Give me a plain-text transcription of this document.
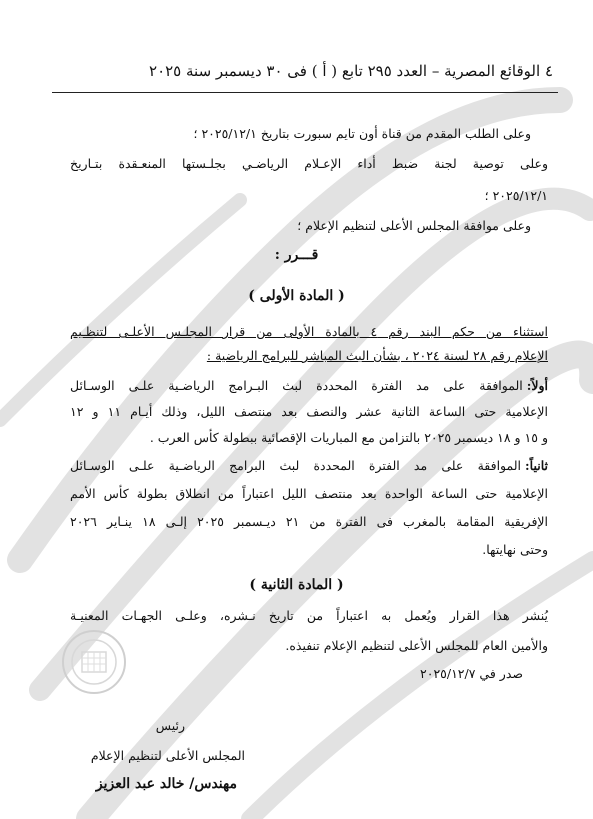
٤ الوقائع المصرية – العدد ٢٩٥ تابع ( أ ) فى ٣٠ ديسمبر سنة ٢٠٢٥
وعلى الطلب المقدم من قناة أون تايم سبورت بتاريخ ٢٠٢٥/١٢/١ ؛
وعلى توصية لجنة ضبط أداء الإعـلام الرياضـي بجلـستها المنعـقدة بتـاريخ
٢٠٢٥/١٢/١ ؛
وعلى موافقة المجلس الأعلى لتنظيم الإعلام ؛
قـــرر :
( المادة الأولى )
استثناء من حكم البند رقم ٤ بالمادة الأولى من قرار المجلـس الأعلـى لتنظـيم
الإعلام رقم ٢٨ لسنة ٢٠٢٤ ، بشأن البث المباشر للبرامج الرياضية :
أولاً:
الموافقة على مد الفترة المحددة لبث البـرامج الرياضـية علـى الوسـائل
الإعلامية حتى الساعة الثانية عشر والنصف بعد منتصف الليل، وذلك أيـام ١١ و ١٢
و ١٥ و ١٨ ديسمبر ٢٠٢٥ بالتزامن مع المباريات الإقصائية ببطولة كأس العرب .
ثانياً:
الموافقة على مد الفترة المحددة لبث البرامج الرياضـية علـى الوسـائل
الإعلامية حتى الساعة الواحدة بعد منتصف الليل اعتباراً من انطلاق بطولة كأس الأمم
الإفريقية المقامة بالمغرب فى الفترة من ٢١ ديـسمبر ٢٠٢٥ إلـى ١٨ ينـاير ٢٠٢٦
وحتى نهايتها.
( المادة الثانية )
يُنشر هذا القرار ويُعمل به اعتباراً من تاريخ نـشره، وعلـى الجهـات المعنيـة
والأمين العام للمجلس الأعلى لتنظيم الإعلام تنفيذه.
صدر في ٢٠٢٥/١٢/٧
رئيس
المجلس الأعلى لتنظيم الإعلام
مهندس/ خالد عبد العزيز
